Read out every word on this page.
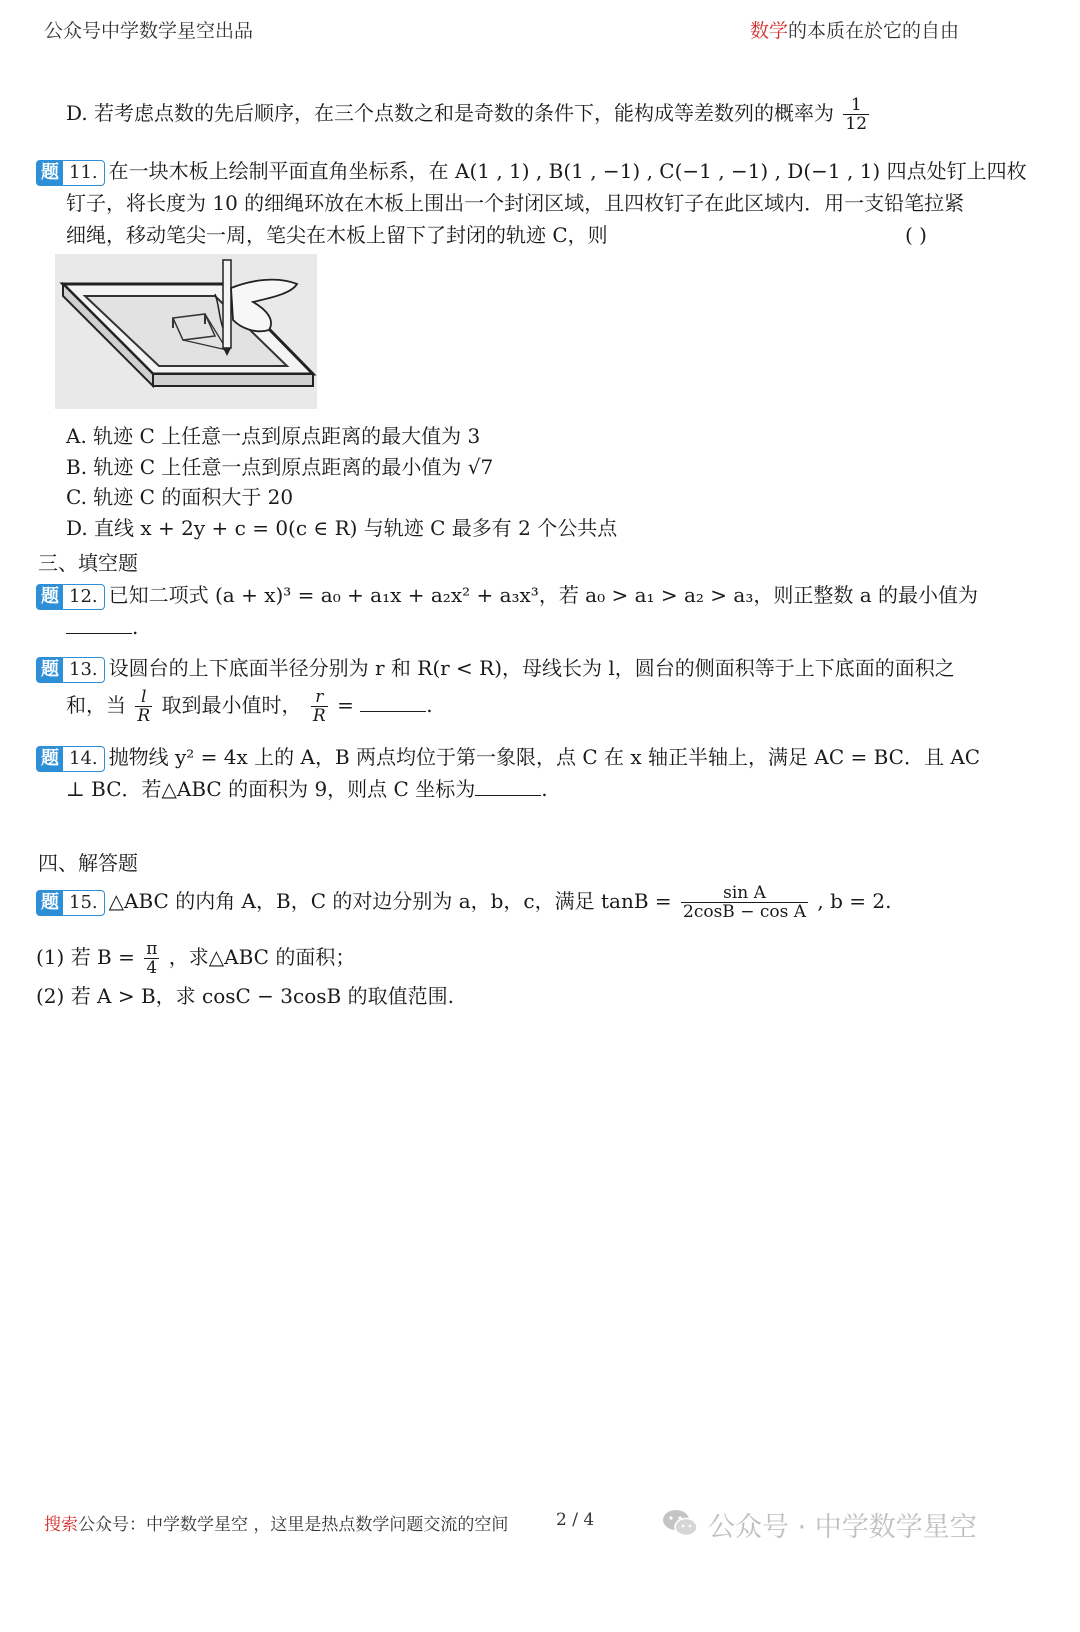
公众号中学数学星空出品	数学的本质在於它的自由
D. 若考虑点数的先后顺序，在三个点数之和是奇数的条件下，能构成等差数列的概率为 $\frac{1}{12}$
题 11. 在一块木板上绘制平面直角坐标系，在 A(1 , 1) , B(1 , −1) , C(−1 , −1) , D(−1 , 1) 四点处钉上四枚
钉子，将长度为 10 的细绳环放在木板上围出一个封闭区域，且四枚钉子在此区域内．用一支铅笔拉紧
细绳，移动笔尖一周，笔尖在木板上留下了封闭的轨迹 C，则	( )
A. 轨迹 C 上任意一点到原点距离的最大值为 3
B. 轨迹 C 上任意一点到原点距离的最小值为 √7
C. 轨迹 C 的面积大于 20
D. 直线 x + 2y + c = 0(c ∈ R) 与轨迹 C 最多有 2 个公共点
三、填空题
题 12. 已知二项式 (a + x)³ = a₀ + a₁x + a₂x² + a₃x³，若 a₀ > a₁ > a₂ > a₃，则正整数 a 的最小值为
.
题 13. 设圆台的上下底面半径分别为 r 和 R(r < R)，母线长为 l，圆台的侧面积等于上下底面的面积之
和，当 $\frac{l}{R}$ 取到最小值时， $\frac{r}{R}$ =	.
题 14. 抛物线 y² = 4x 上的 A，B 两点均位于第一象限，点 C 在 x 轴正半轴上，满足 AC = BC．且 AC
⊥ BC．若△ABC 的面积为 9，则点 C 坐标为	.
四、解答题
题 15. △ABC 的内角 A，B，C 的对边分别为 a，b，c，满足 $\tan B = \frac{\text{sin A}}{\text{2cosB − cos A}}$ , b = 2.
(1) 若 $B = \frac{\pi}{4}$ ，求△ABC 的面积；
(2) 若 A > B，求 cosC − 3cosB 的取值范围.
搜索公众号：中学数学星空 ，这里是热点数学问题交流的空间	2 / 4	公众号 · 中学数学星空
